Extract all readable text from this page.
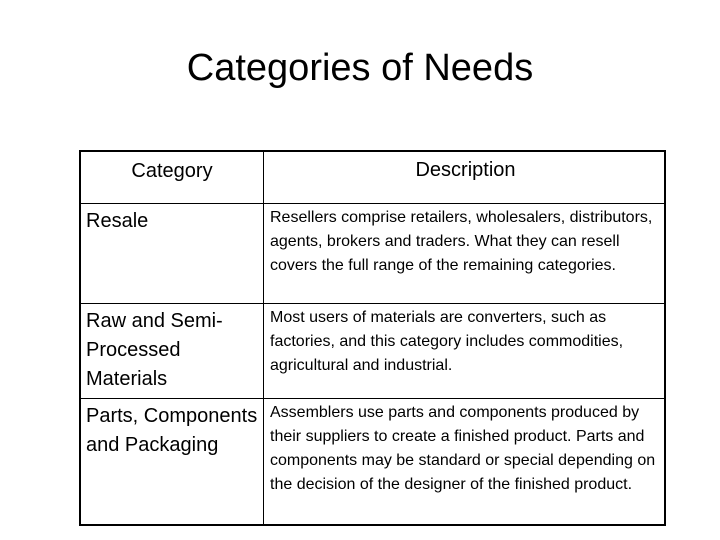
Categories of Needs
Category	Description
Resale	Resellers comprise retailers, wholesalers, distributors, agents, brokers and traders. What they can resell covers the full range of the remaining categories.
Raw and Semi-Processed Materials
Most users of materials are converters, such as factories, and this category includes commodities, agricultural and industrial.
Parts, Components and Packaging
Assemblers use parts and components produced by their suppliers to create a finished product. Parts and components may be standard or special depending on the decision of the designer of the finished product.
